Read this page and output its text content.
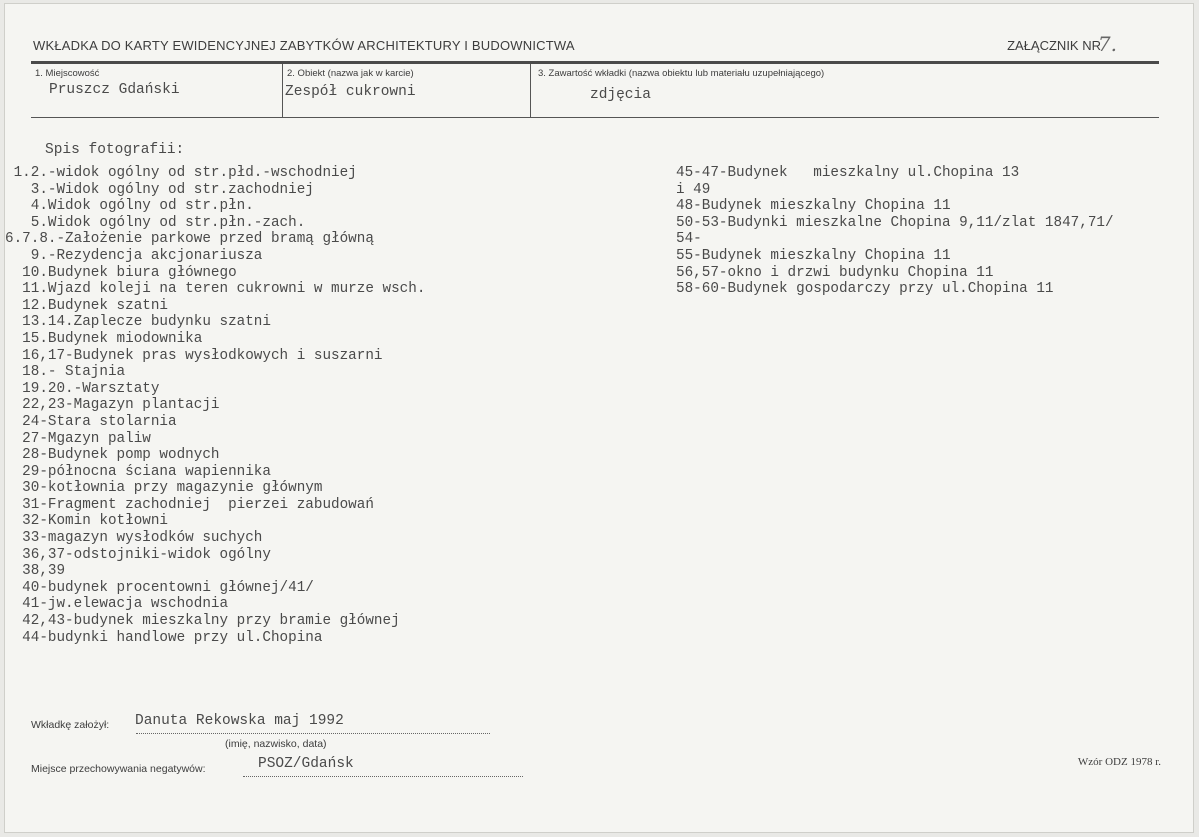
WKŁADKA DO KARTY EWIDENCYJNEJ ZABYTKÓW ARCHITEKTURY I BUDOWNICTWA	ZAŁĄCZNIK NR
7.
1. Miejscowość
Pruszcz Gdański
2. Obiekt (nazwa jak w karcie)
Zespół cukrowni
3. Zawartość wkładki (nazwa obiektu lub materiału uzupełniającego)
zdjęcia
Spis fotografii:
1.2.-widok ogólny od str.płd.-wschodniej
3.-Widok ogólny od str.zachodniej
4.Widok ogólny od str.płn.
5.Widok ogólny od str.płn.-zach.
6.7.8.-Założenie parkowe przed bramą główną
9.-Rezydencja akcjonariusza
10.Budynek biura głównego
11.Wjazd koleji na teren cukrowni w murze wsch.
12.Budynek szatni
13.14.Zaplecze budynku szatni
15.Budynek miodownika
16,17-Budynek pras wysłodkowych i suszarni
18.- Stajnia
19.20.-Warsztaty
22,23-Magazyn plantacji
24-Stara stolarnia
27-Mgazyn paliw
28-Budynek pomp wodnych
29-północna ściana wapiennika
30-kotłownia przy magazynie głównym
31-Fragment zachodniej  pierzei zabudowań
32-Komin kotłowni
33-magazyn wysłodków suchych
36,37-odstojniki-widok ogólny
38,39
40-budynek procentowni głównej/41/
41-jw.elewacja wschodnia
42,43-budynek mieszkalny przy bramie głównej
44-budynki handlowe przy ul.Chopina
45-47-Budynek   mieszkalny ul.Chopina 13
i 49
48-Budynek mieszkalny Chopina 11
50-53-Budynki mieszkalne Chopina 9,11/zlat 1847,71/
54-
55-Budynek mieszkalny Chopina 11
56,57-okno i drzwi budynku Chopina 11
58-60-Budynek gospodarczy przy ul.Chopina 11
Wkładkę założył: Danuta Rekowska maj 1992
(imię, nazwisko, data)
Miejsce przechowywania negatywów:	PSOZ/Gdańsk	Wzór ODZ 1978 r.
